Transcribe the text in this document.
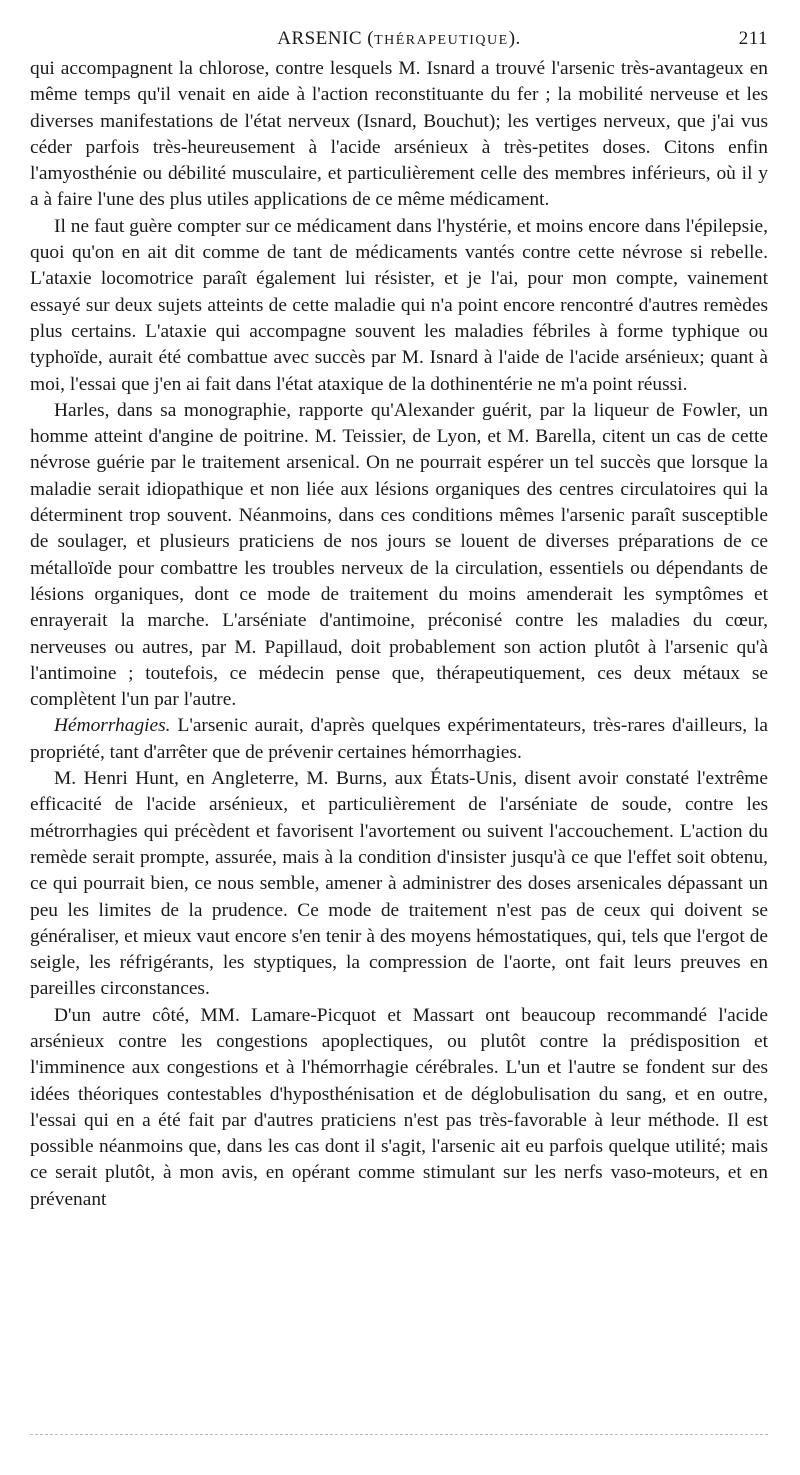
ARSENIC (THÉRAPEUTIQUE).	211

qui accompagnent la chlorose, contre lesquels M. Isnard a trouvé l'arsenic très-avantageux en même temps qu'il venait en aide à l'action reconstituante du fer ; la mobilité nerveuse et les diverses manifestations de l'état nerveux (Isnard, Bouchut); les vertiges nerveux, que j'ai vus céder parfois très-heureusement à l'acide arsénieux à très-petites doses. Citons enfin l'amyosthénie ou débilité musculaire, et particulièrement celle des membres inférieurs, où il y a à faire l'une des plus utiles applications de ce même médicament.

Il ne faut guère compter sur ce médicament dans l'hystérie, et moins encore dans l'épilepsie, quoi qu'on en ait dit comme de tant de médicaments vantés contre cette névrose si rebelle. L'ataxie locomotrice paraît également lui résister, et je l'ai, pour mon compte, vainement essayé sur deux sujets atteints de cette maladie qui n'a point encore rencontré d'autres remèdes plus certains. L'ataxie qui accompagne souvent les maladies fébriles à forme typhique ou typhoïde, aurait été combattue avec succès par M. Isnard à l'aide de l'acide arsénieux; quant à moi, l'essai que j'en ai fait dans l'état ataxique de la dothinentérie ne m'a point réussi.

Harles, dans sa monographie, rapporte qu'Alexander guérit, par la liqueur de Fowler, un homme atteint d'angine de poitrine. M. Teissier, de Lyon, et M. Barella, citent un cas de cette névrose guérie par le traitement arsenical. On ne pourrait espérer un tel succès que lorsque la maladie serait idiopathique et non liée aux lésions organiques des centres circulatoires qui la déterminent trop souvent. Néanmoins, dans ces conditions mêmes l'arsenic paraît susceptible de soulager, et plusieurs praticiens de nos jours se louent de diverses préparations de ce métalloïde pour combattre les troubles nerveux de la circulation, essentiels ou dépendants de lésions organiques, dont ce mode de traitement du moins amenderait les symptômes et enrayerait la marche. L'arséniate d'antimoine, préconisé contre les maladies du cœur, nerveuses ou autres, par M. Papillaud, doit probablement son action plutôt à l'arsenic qu'à l'antimoine ; toutefois, ce médecin pense que, thérapeutiquement, ces deux métaux se complètent l'un par l'autre.

Hémorrhagies. L'arsenic aurait, d'après quelques expérimentateurs, très-rares d'ailleurs, la propriété, tant d'arrêter que de prévenir certaines hémorrhagies.

M. Henri Hunt, en Angleterre, M. Burns, aux États-Unis, disent avoir constaté l'extrême efficacité de l'acide arsénieux, et particulièrement de l'arséniate de soude, contre les métrorrhagies qui précèdent et favorisent l'avortement ou suivent l'accouchement. L'action du remède serait prompte, assurée, mais à la condition d'insister jusqu'à ce que l'effet soit obtenu, ce qui pourrait bien, ce nous semble, amener à administrer des doses arsenicales dépassant un peu les limites de la prudence. Ce mode de traitement n'est pas de ceux qui doivent se généraliser, et mieux vaut encore s'en tenir à des moyens hémostatiques, qui, tels que l'ergot de seigle, les réfrigérants, les styptiques, la compression de l'aorte, ont fait leurs preuves en pareilles circonstances.

D'un autre côté, MM. Lamare-Picquot et Massart ont beaucoup recommandé l'acide arsénieux contre les congestions apoplectiques, ou plutôt contre la prédisposition et l'imminence aux congestions et à l'hémorrhagie cérébrales. L'un et l'autre se fondent sur des idées théoriques contestables d'hyposthénisation et de déglobulisation du sang, et en outre, l'essai qui en a été fait par d'autres praticiens n'est pas très-favorable à leur méthode. Il est possible néanmoins que, dans les cas dont il s'agit, l'arsenic ait eu parfois quelque utilité; mais ce serait plutôt, à mon avis, en opérant comme stimulant sur les nerfs vaso-moteurs, et en prévenant
